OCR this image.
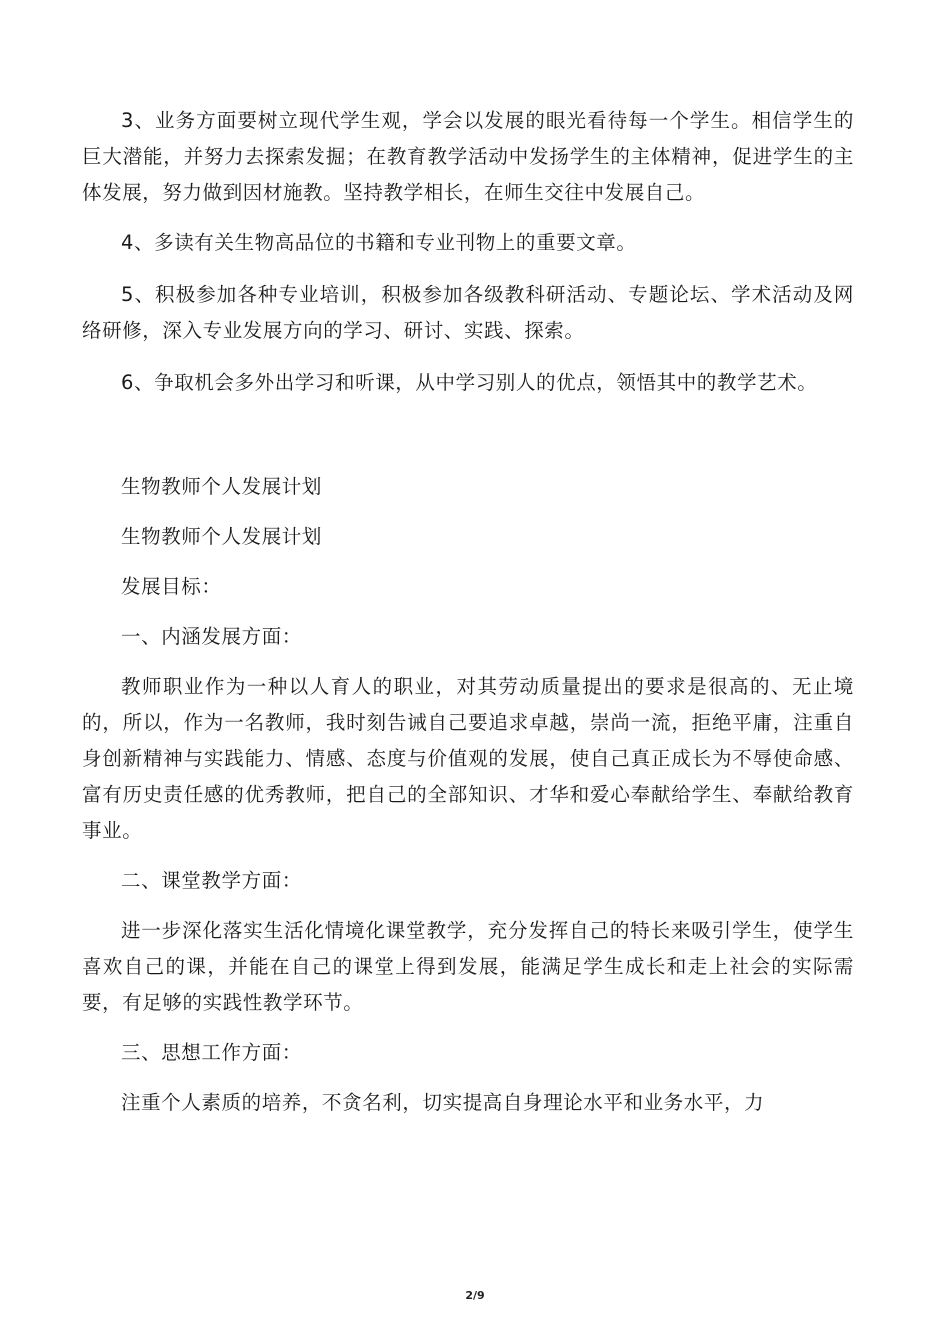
3、业务方面要树立现代学生观，学会以发展的眼光看待每一个学生。相信学生的巨大潜能，并努力去探索发掘；在教育教学活动中发扬学生的主体精神，促进学生的主体发展，努力做到因材施教。坚持教学相长，在师生交往中发展自己。

4、多读有关生物高品位的书籍和专业刊物上的重要文章。

5、积极参加各种专业培训，积极参加各级教科研活动、专题论坛、学术活动及网络研修，深入专业发展方向的学习、研讨、实践、探索。

6、争取机会多外出学习和听课，从中学习别人的优点，领悟其中的教学艺术。

生物教师个人发展计划

生物教师个人发展计划

发展目标：

一、内涵发展方面：

教师职业作为一种以人育人的职业，对其劳动质量提出的要求是很高的、无止境的，所以，作为一名教师，我时刻告诫自己要追求卓越，崇尚一流，拒绝平庸，注重自身创新精神与实践能力、情感、态度与价值观的发展，使自己真正成长为不辱使命感、富有历史责任感的优秀教师，把自己的全部知识、才华和爱心奉献给学生、奉献给教育事业。

二、课堂教学方面：

进一步深化落实生活化情境化课堂教学，充分发挥自己的特长来吸引学生，使学生喜欢自己的课，并能在自己的课堂上得到发展，能满足学生成长和走上社会的实际需要，有足够的实践性教学环节。

三、思想工作方面：

注重个人素质的培养，不贪名利，切实提高自身理论水平和业务水平，力

2/9
